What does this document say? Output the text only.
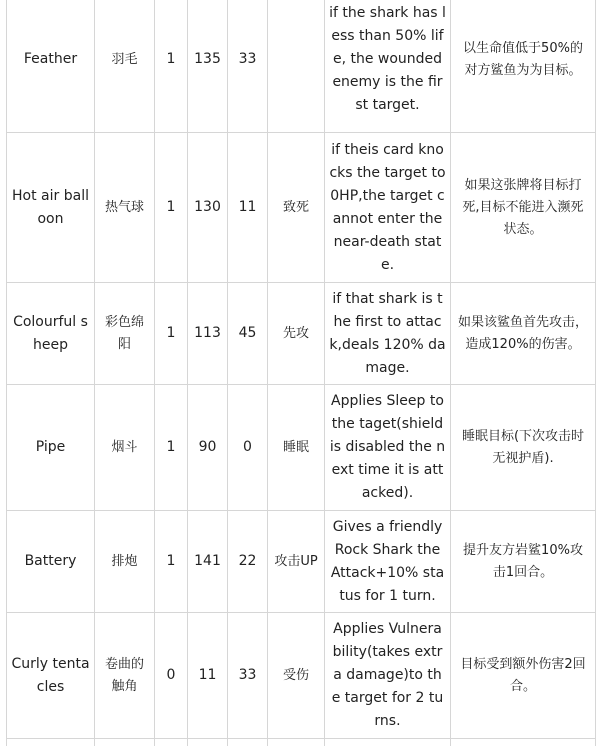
Feather	羽毛	1	135	33		if the shark has less than 50% life, the wounded enemy is the first target.	以生命值低于50%的对方鲨鱼为为目标。
Hot air balloon	热气球	1	130	11	致死	if theis card knocks the target to 0HP,the target cannot enter the near-death state.	如果这张牌将目标打死,目标不能进入濒死状态。
Colourful sheep	彩色绵阳	1	113	45	先攻	if that shark is the first to attack,deals 120% damage.	如果该鲨鱼首先攻击，造成120%的伤害。
Pipe	烟斗	1	90	0	睡眠	Applies Sleep to the taget(shield is disabled the next time it is attacked).	睡眠目标(下次攻击时无视护盾).
Battery	排炮	1	141	22	攻击UP	Gives a friendly Rock Shark the Attack+10% status for 1 turn.	提升友方岩鲨10%攻击1回合。
Curly tentacles	卷曲的触角	0	11	33	受伤	Applies Vulnerability(takes extra damage)to the target for 2 turns.	目标受到额外伤害2回合。
